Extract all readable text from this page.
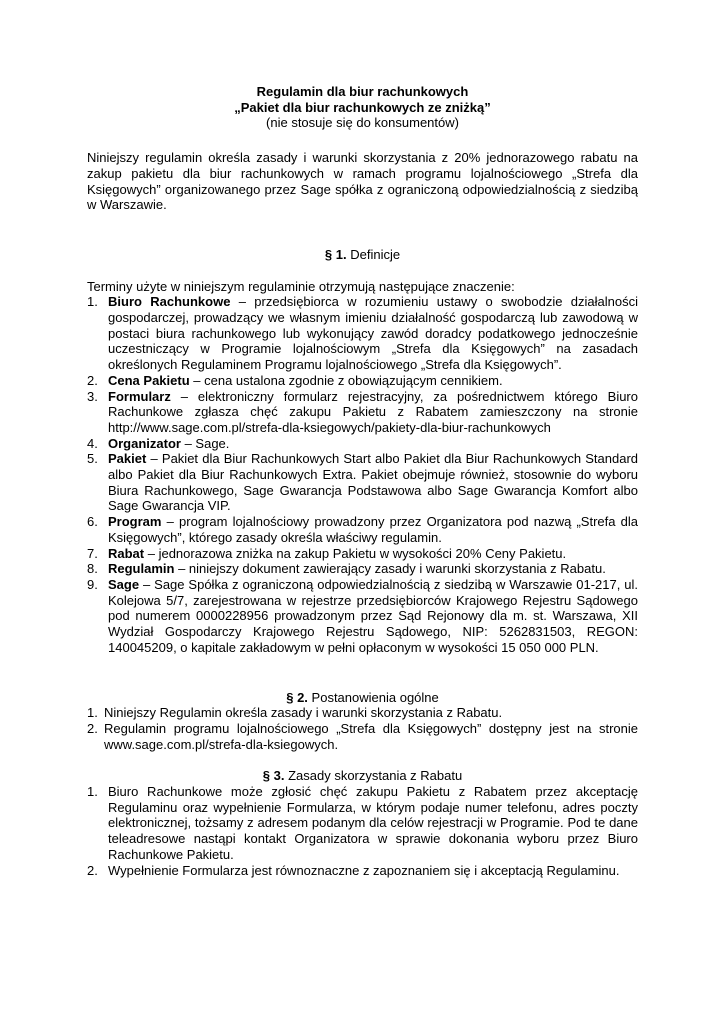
Regulamin dla biur rachunkowych
„Pakiet dla biur rachunkowych ze zniżką”
(nie stosuje się do konsumentów)
Niniejszy regulamin określa zasady i warunki skorzystania z 20% jednorazowego rabatu na zakup pakietu dla biur rachunkowych w ramach programu lojalnościowego „Strefa dla Księgowych” organizowanego przez Sage spółka z ograniczoną odpowiedzialnością z siedzibą w Warszawie.
§ 1. Definicje
Terminy użyte w niniejszym regulaminie otrzymują następujące znaczenie:
1. Biuro Rachunkowe – przedsiębiorca w rozumieniu ustawy o swobodzie działalności gospodarczej, prowadzący we własnym imieniu działalność gospodarczą lub zawodową w postaci biura rachunkowego lub wykonujący zawód doradcy podatkowego jednocześnie uczestniczący w Programie lojalnościowym „Strefa dla Księgowych” na zasadach określonych Regulaminem Programu lojalnościowego „Strefa dla Księgowych”.
2. Cena Pakietu – cena ustalona zgodnie z obowiązującym cennikiem.
3. Formularz – elektroniczny formularz rejestracyjny, za pośrednictwem którego Biuro Rachunkowe zgłasza chęć zakupu Pakietu z Rabatem zamieszczony na stronie http://www.sage.com.pl/strefa-dla-ksiegowych/pakiety-dla-biur-rachunkowych
4. Organizator – Sage.
5. Pakiet – Pakiet dla Biur Rachunkowych Start albo Pakiet dla Biur Rachunkowych Standard albo Pakiet dla Biur Rachunkowych Extra. Pakiet obejmuje również, stosownie do wyboru Biura Rachunkowego, Sage Gwarancja Podstawowa albo Sage Gwarancja Komfort albo Sage Gwarancja VIP.
6. Program – program lojalnościowy prowadzony przez Organizatora pod nazwą „Strefa dla Księgowych”, którego zasady określa właściwy regulamin.
7. Rabat – jednorazowa zniżka na zakup Pakietu w wysokości 20% Ceny Pakietu.
8. Regulamin – niniejszy dokument zawierający zasady i warunki skorzystania z Rabatu.
9. Sage – Sage Spółka z ograniczoną odpowiedzialnością z siedzibą w Warszawie 01-217, ul. Kolejowa 5/7, zarejestrowana w rejestrze przedsiębiorców Krajowego Rejestru Sądowego pod numerem 0000228956 prowadzonym przez Sąd Rejonowy dla m. st. Warszawa, XII Wydział Gospodarczy Krajowego Rejestru Sądowego, NIP: 5262831503, REGON: 140045209, o kapitale zakładowym w pełni opłaconym w wysokości 15 050 000 PLN.
§ 2. Postanowienia ogólne
1. Niniejszy Regulamin określa zasady i warunki skorzystania z Rabatu.
2. Regulamin programu lojalnościowego „Strefa dla Księgowych” dostępny jest na stronie www.sage.com.pl/strefa-dla-ksiegowych.
§ 3. Zasady skorzystania z Rabatu
1. Biuro Rachunkowe może zgłosić chęć zakupu Pakietu z Rabatem przez akceptację Regulaminu oraz wypełnienie Formularza, w którym podaje numer telefonu, adres poczty elektronicznej, tożsamy z adresem podanym dla celów rejestracji w Programie. Pod te dane teleadresowe nastąpi kontakt Organizatora w sprawie dokonania wyboru przez Biuro Rachunkowe Pakietu.
2. Wypełnienie Formularza jest równoznaczne z zapoznaniem się i akceptacją Regulaminu.
